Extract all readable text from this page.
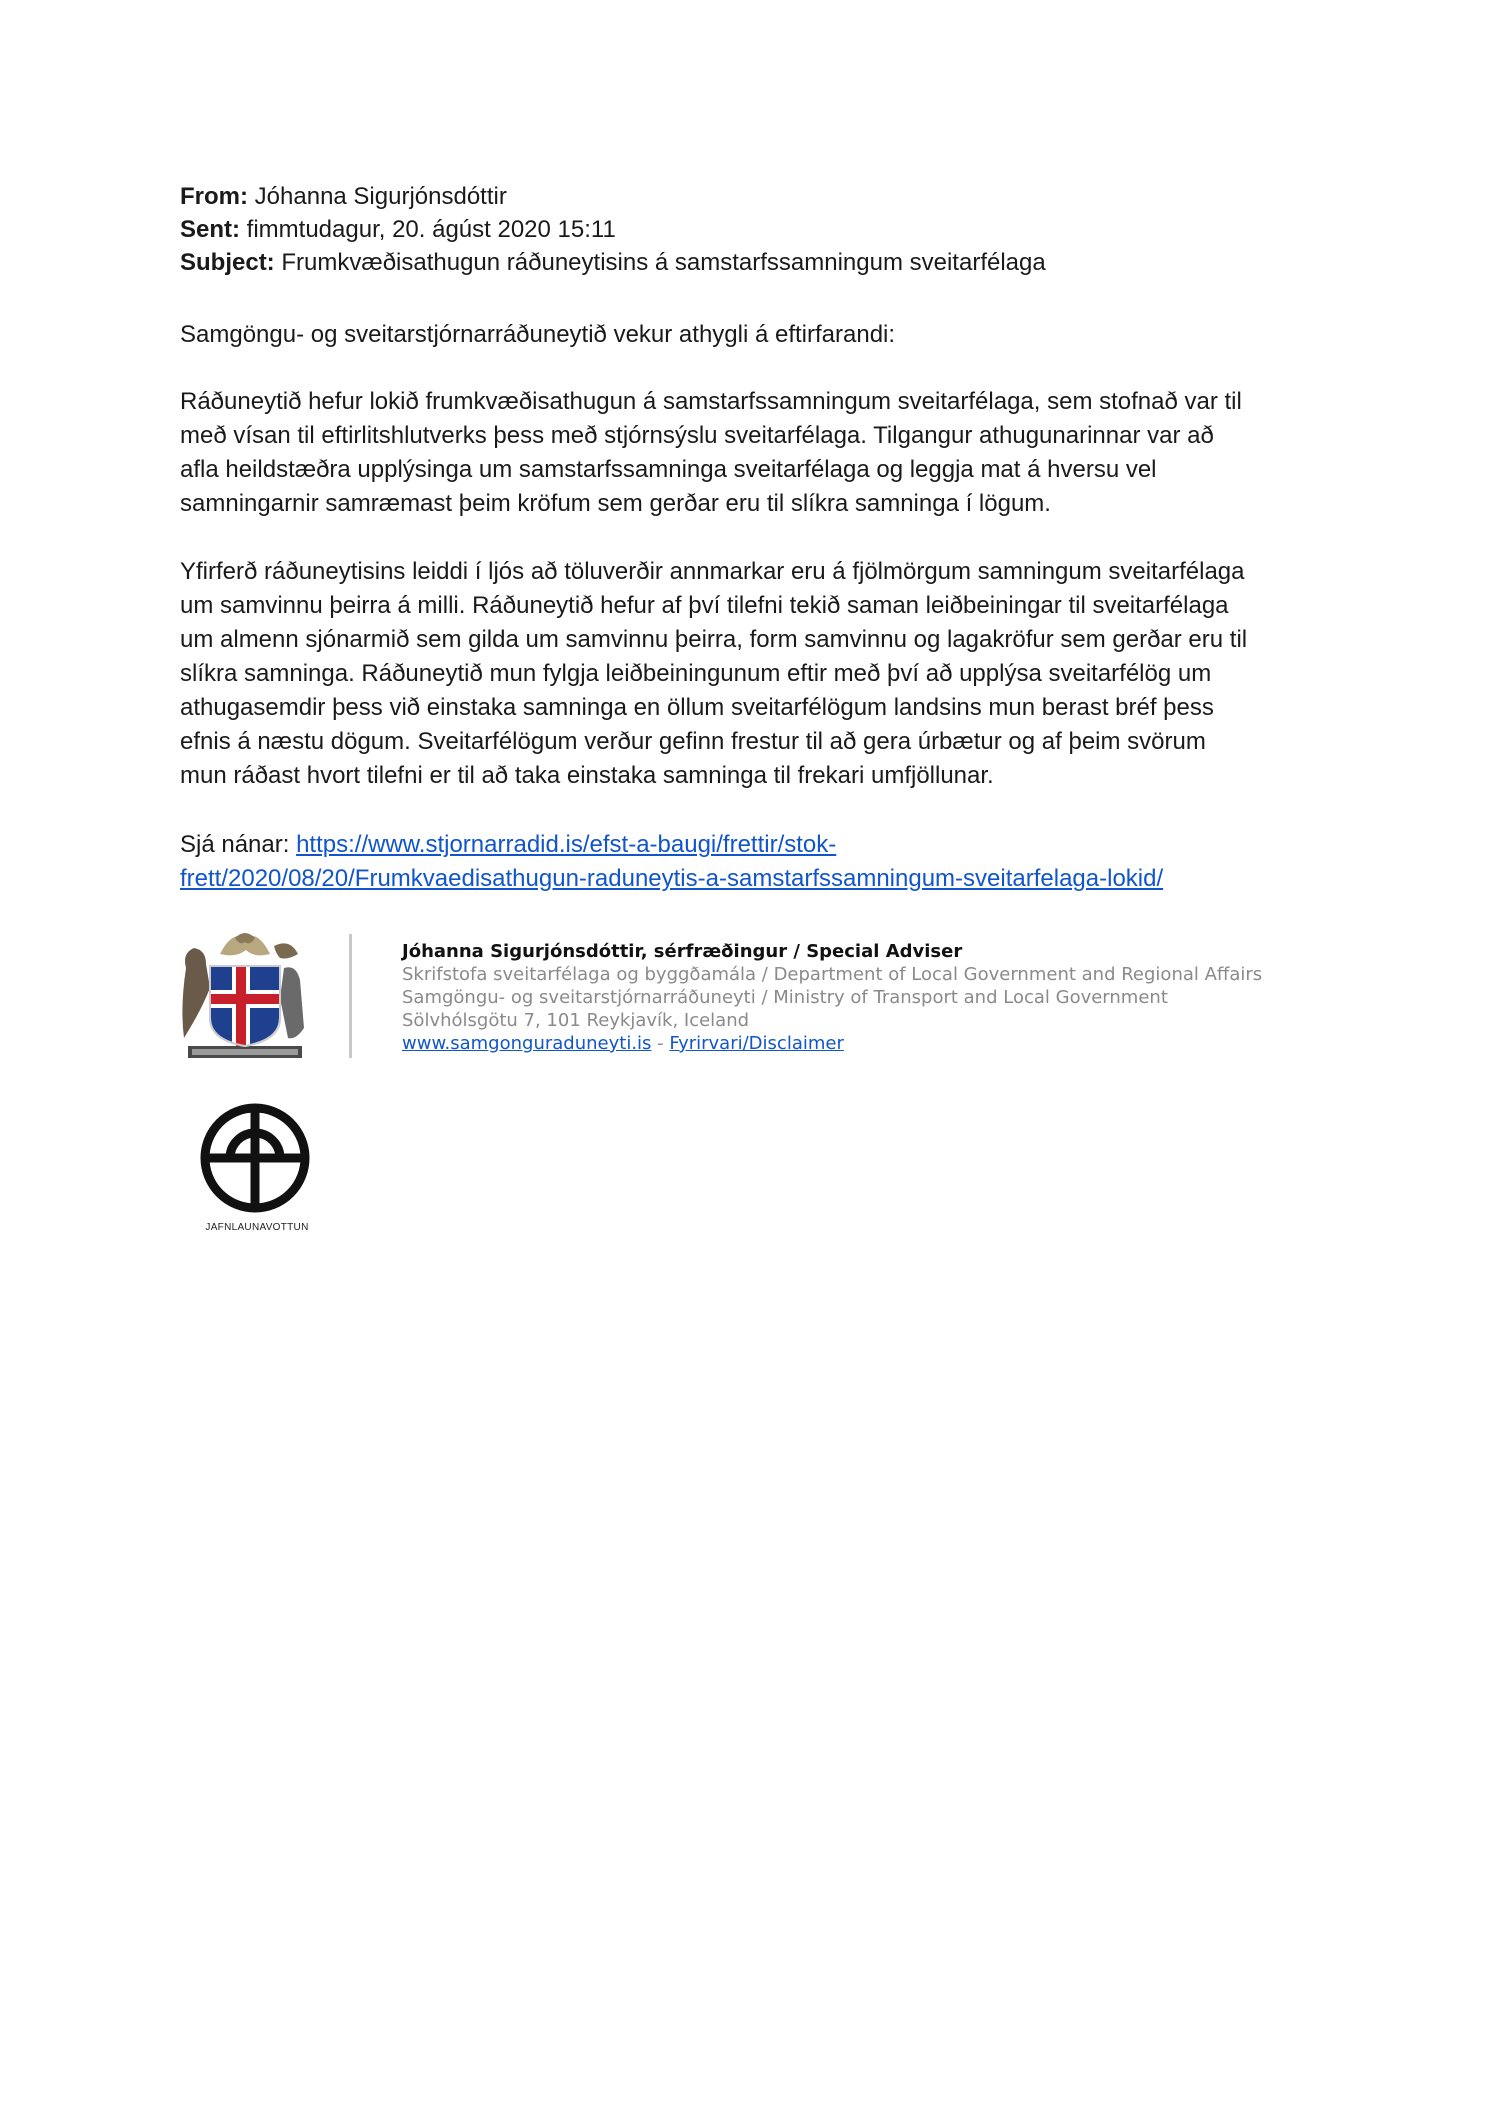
From: Jóhanna Sigurjónsdóttir
Sent: fimmtudagur, 20. ágúst 2020 15:11
Subject: Frumkvæðisathugun ráðuneytisins á samstarfssamningum sveitarfélaga
Samgöngu- og sveitarstjórnarráðuneytið vekur athygli á eftirfarandi:

Ráðuneytið hefur lokið frumkvæðisathugun á samstarfssamningum sveitarfélaga, sem stofnað var til
með vísan til eftirlitshlutverks þess með stjórnsýslu sveitarfélaga. Tilgangur athugunarinnar var að
afla heildstæðra upplýsinga um samstarfssamninga sveitarfélaga og leggja mat á hversu vel
samningarnir samræmast þeim kröfum sem gerðar eru til slíkra samninga í lögum.

Yfirferð ráðuneytisins leiddi í ljós að töluverðir annmarkar eru á fjölmörgum samningum sveitarfélaga
um samvinnu þeirra á milli. Ráðuneytið hefur af því tilefni tekið saman leiðbeiningar til sveitarfélaga
um almenn sjónarmið sem gilda um samvinnu þeirra, form samvinnu og lagakröfur sem gerðar eru til
slíkra samninga. Ráðuneytið mun fylgja leiðbeiningunum eftir með því að upplýsa sveitarfélög um
athugasemdir þess við einstaka samninga en öllum sveitarfélögum landsins mun berast bréf þess
efnis á næstu dögum. Sveitarfélögum verður gefinn frestur til að gera úrbætur og af þeim svörum
mun ráðast hvort tilefni er til að taka einstaka samninga til frekari umfjöllunar.

Sjá nánar: https://www.stjornarradid.is/efst-a-baugi/frettir/stok-
frett/2020/08/20/Frumkvaedisathugun-raduneytis-a-samstarfssamningum-sveitarfelaga-lokid/
Jóhanna Sigurjónsdóttir, sérfræðingur / Special Adviser
Skrifstofa sveitarfélaga og byggðamála / Department of Local Government and Regional Affairs
Samgöngu- og sveitarstjórnarráðuneyti / Ministry of Transport and Local Government
Sölvhólsgötu 7, 101 Reykjavík, Iceland
www.samgonguraduneyti.is - Fyrirvari/Disclaimer
JAFNLAUNAVOTTUN
